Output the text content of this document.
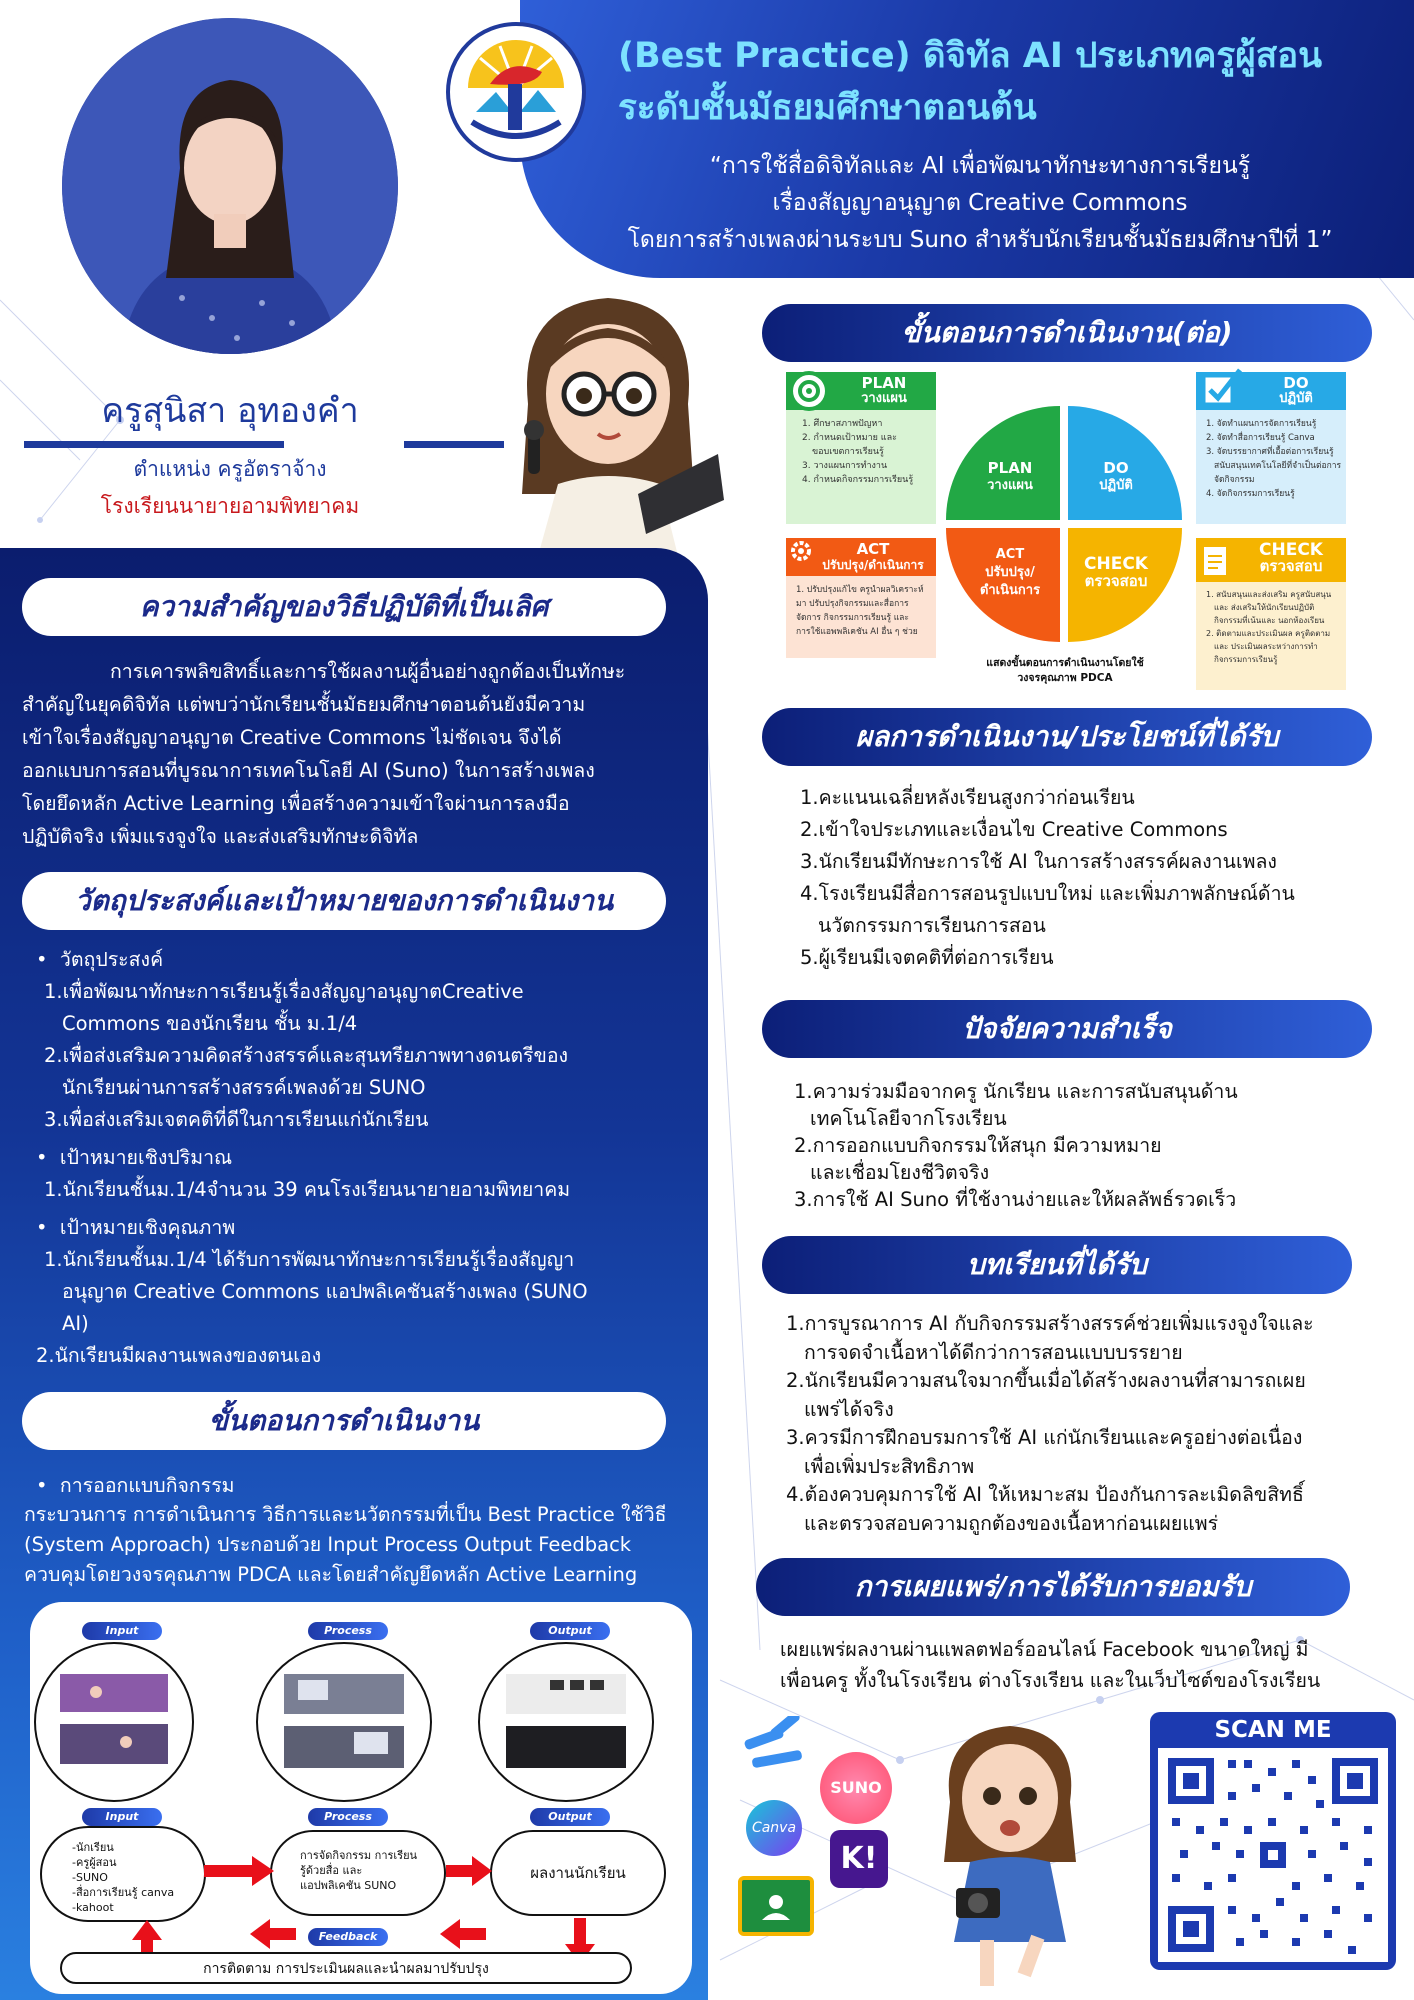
(Best Practice) ดิจิทัล AI ประเภทครูผู้สอน
ระดับชั้นมัธยมศึกษาตอนต้น
“การใช้สื่อดิจิทัลและ AI เพื่อพัฒนาทักษะทางการเรียนรู้
เรื่องสัญญาอนุญาต Creative Commons
โดยการสร้างเพลงผ่านระบบ Suno สำหรับนักเรียนชั้นมัธยมศึกษาปีที่ 1”
ครูสุนิสา อุทองคำ
ตำแหน่ง ครูอัตราจ้าง
โรงเรียนนายายอามพิทยาคม
ความสำคัญของวิธีปฏิบัติที่เป็นเลิศ
การเคารพลิขสิทธิ์และการใช้ผลงานผู้อื่นอย่างถูกต้องเป็นทักษะ
สำคัญในยุคดิจิทัล แต่พบว่านักเรียนชั้นมัธยมศึกษาตอนต้นยังมีความ
เข้าใจเรื่องสัญญาอนุญาต Creative Commons ไม่ชัดเจน จึงได้
ออกแบบการสอนที่บูรณาการเทคโนโลยี AI (Suno) ในการสร้างเพลง
โดยยึดหลัก Active Learning เพื่อสร้างความเข้าใจผ่านการลงมือ
ปฏิบัติจริง เพิ่มแรงจูงใจ และส่งเสริมทักษะดิจิทัล
วัตถุประสงค์และเป้าหมายของการดำเนินงาน
•  วัตถุประสงค์
1.เพื่อพัฒนาทักษะการเรียนรู้เรื่องสัญญาอนุญาตCreative
Commons ของนักเรียน ชั้น ม.1/4
2.เพื่อส่งเสริมความคิดสร้างสรรค์และสุนทรียภาพทางดนตรีของ
นักเรียนผ่านการสร้างสรรค์เพลงด้วย SUNO
3.เพื่อส่งเสริมเจตคติที่ดีในการเรียนแก่นักเรียน
•  เป้าหมายเชิงปริมาณ
1.นักเรียนชั้นม.1/4จำนวน 39 คนโรงเรียนนายายอามพิทยาคม
•  เป้าหมายเชิงคุณภาพ
1.นักเรียนชั้นม.1/4 ได้รับการพัฒนาทักษะการเรียนรู้เรื่องสัญญา
อนุญาต Creative Commons แอปพลิเคชันสร้างเพลง (SUNO
AI)
2.นักเรียนมีผลงานเพลงของตนเอง
ขั้นตอนการดำเนินงาน
•  การออกแบบกิจกรรม
กระบวนการ การดำเนินการ วิธีการและนวัตกรรมที่เป็น Best Practice ใช้วิธี
(System Approach) ประกอบด้วย Input Process Output Feedback
ควบคุมโดยวงจรคุณภาพ PDCA และโดยสำคัญยึดหลัก Active Learning
Input	Process	Output
Input	Process	Output
-นักเรียน
-ครูผู้สอน
-SUNO
-สื่อการเรียนรู้ canva
-kahoot
การจัดกิจกรรม การเรียน
รู้ด้วยสื่อ และ
แอปพลิเคชัน SUNO
ผลงานนักเรียน
Feedback
การติดตาม การประเมินผลและนำผลมาปรับปรุง
ขั้นตอนการดำเนินงาน(ต่อ)
PLAN
วางแผน
1. ศึกษาสภาพปัญหา
2. กำหนดเป้าหมาย และ
ขอบเขตการเรียนรู้
3. วางแผนการทำงาน
4. กำหนดกิจกรรมการเรียนรู้
DO
ปฏิบัติ
1. จัดทำแผนการจัดการเรียนรู้
2. จัดทำสื่อการเรียนรู้ Canva
3. จัดบรรยากาศที่เอื้อต่อการเรียนรู้
สนับสนุนเทคโนโลยีที่จำเป็นต่อการ
จัดกิจกรรม
4. จัดกิจกรรมการเรียนรู้
ACT
ปรับปรุง/ดำเนินการ
1. ปรับปรุงแก้ไข ครูนำผลวิเคราะห์
มา ปรับปรุงกิจกรรมและสื่อการ
จัดการ กิจกรรมการเรียนรู้ และ
การใช้แอพพลิเคชัน AI อื่น ๆ ช่วย
CHECK
ตรวจสอบ
1. สนับสนุนและส่งเสริม ครูสนับสนุน
และ ส่งเสริมให้นักเรียนปฏิบัติ
กิจกรรมที่เน้นและ นอกห้องเรียน
2. ติดตามและประเมินผล ครูติดตาม
และ ประเมินผลระหว่างการทำ
กิจกรรมการเรียนรู้
PLAN
วางแผน
DO
ปฏิบัติ
ACT
ปรับปรุง/
ดำเนินการ
CHECK
ตรวจสอบ
แสดงขั้นตอนการดำเนินงานโดยใช้
วงจรคุณภาพ PDCA
ผลการดำเนินงาน/ประโยชน์ที่ได้รับ
1.คะแนนเฉลี่ยหลังเรียนสูงกว่าก่อนเรียน
2.เข้าใจประเภทและเงื่อนไข Creative Commons
3.นักเรียนมีทักษะการใช้ AI ในการสร้างสรรค์ผลงานเพลง
4.โรงเรียนมีสื่อการสอนรูปแบบใหม่ และเพิ่มภาพลักษณ์ด้าน
นวัตกรรมการเรียนการสอน
5.ผู้เรียนมีเจตคติที่ต่อการเรียน
ปัจจัยความสำเร็จ
1.ความร่วมมือจากครู นักเรียน และการสนับสนุนด้าน
เทคโนโลยีจากโรงเรียน
2.การออกแบบกิจกรรมให้สนุก มีความหมาย
และเชื่อมโยงชีวิตจริง
3.การใช้ AI Suno ที่ใช้งานง่ายและให้ผลลัพธ์รวดเร็ว
บทเรียนที่ได้รับ
1.การบูรณาการ AI กับกิจกรรมสร้างสรรค์ช่วยเพิ่มแรงจูงใจและ
การจดจำเนื้อหาได้ดีกว่าการสอนแบบบรรยาย
2.นักเรียนมีความสนใจมากขึ้นเมื่อได้สร้างผลงานที่สามารถเผย
แพร่ได้จริง
3.ควรมีการฝึกอบรมการใช้ AI แก่นักเรียนและครูอย่างต่อเนื่อง
เพื่อเพิ่มประสิทธิภาพ
4.ต้องควบคุมการใช้ AI ให้เหมาะสม ป้องกันการละเมิดลิขสิทธิ์
และตรวจสอบความถูกต้องของเนื้อหาก่อนเผยแพร่
การเผยแพร่/การได้รับการยอมรับ
เผยแพร่ผลงานผ่านแพลตฟอร์ออนไลน์ Facebook ขนาดใหญ่ มี
เพื่อนครู ทั้งในโรงเรียน ต่างโรงเรียน และในเว็บไซต์ของโรงเรียน
SUNO
Canva
K!
SCAN ME
